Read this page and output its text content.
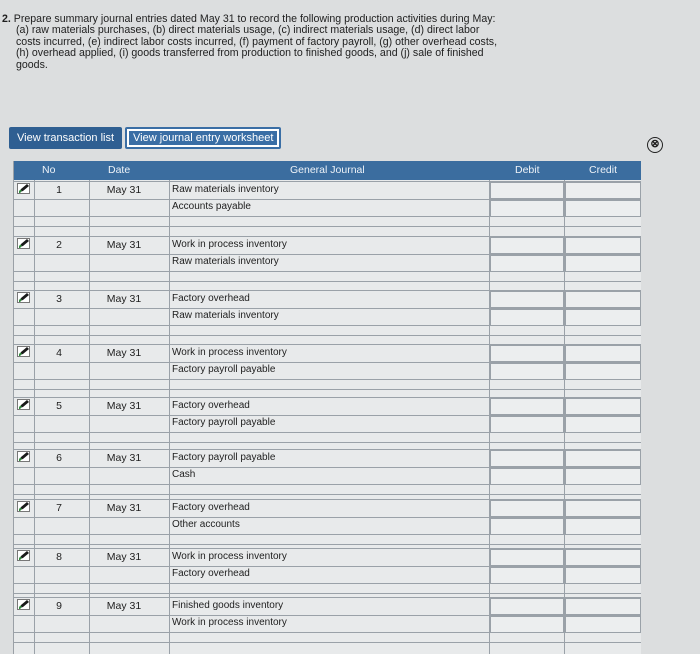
2. Prepare summary journal entries dated May 31 to record the following production activities during May:
(a) raw materials purchases, (b) direct materials usage, (c) indirect materials usage, (d) direct labor
costs incurred, (e) indirect labor costs incurred, (f) payment of factory payroll, (g) other overhead costs,
(h) overhead applied, (i) goods transferred from production to finished goods, and (j) sale of finished
goods.
View transaction list	View journal entry worksheet	⊗
No	Date	General Journal	Debit	Credit
1	May 31	Raw materials inventory
Accounts payable
2	May 31	Work in process inventory
Raw materials inventory
3	May 31	Factory overhead
Raw materials inventory
4	May 31	Work in process inventory
Factory payroll payable
5	May 31	Factory overhead
Factory payroll payable
6	May 31	Factory payroll payable
Cash
7	May 31	Factory overhead
Other accounts
8	May 31	Work in process inventory
Factory overhead
9	May 31	Finished goods inventory
Work in process inventory
